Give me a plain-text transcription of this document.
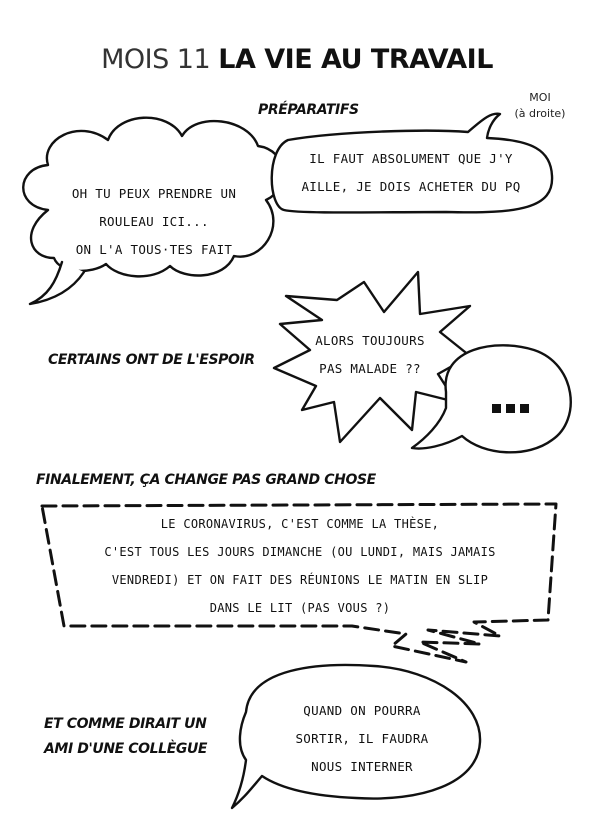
MOIS 11 LA VIE AU TRAVAIL
PRÉPARATIFS
MOI
(à droite)
OH TU PEUX PRENDRE UN
ROULEAU ICI...
ON L'A TOUS·TES FAIT
IL FAUT ABSOLUMENT QUE J'Y
AILLE, JE DOIS ACHETER DU PQ
CERTAINS ONT DE L'ESPOIR
ALORS TOUJOURS
PAS MALADE ??
FINALEMENT, ÇA CHANGE PAS GRAND CHOSE
LE CORONAVIRUS, C'EST COMME LA THÈSE,
C'EST TOUS LES JOURS DIMANCHE (OU LUNDI, MAIS JAMAIS
VENDREDI) ET ON FAIT DES RÉUNIONS LE MATIN EN SLIP
DANS LE LIT (PAS VOUS ?)
ET COMME DIRAIT UN
AMI D'UNE COLLÈGUE
QUAND ON POURRA
SORTIR, IL FAUDRA
NOUS INTERNER
